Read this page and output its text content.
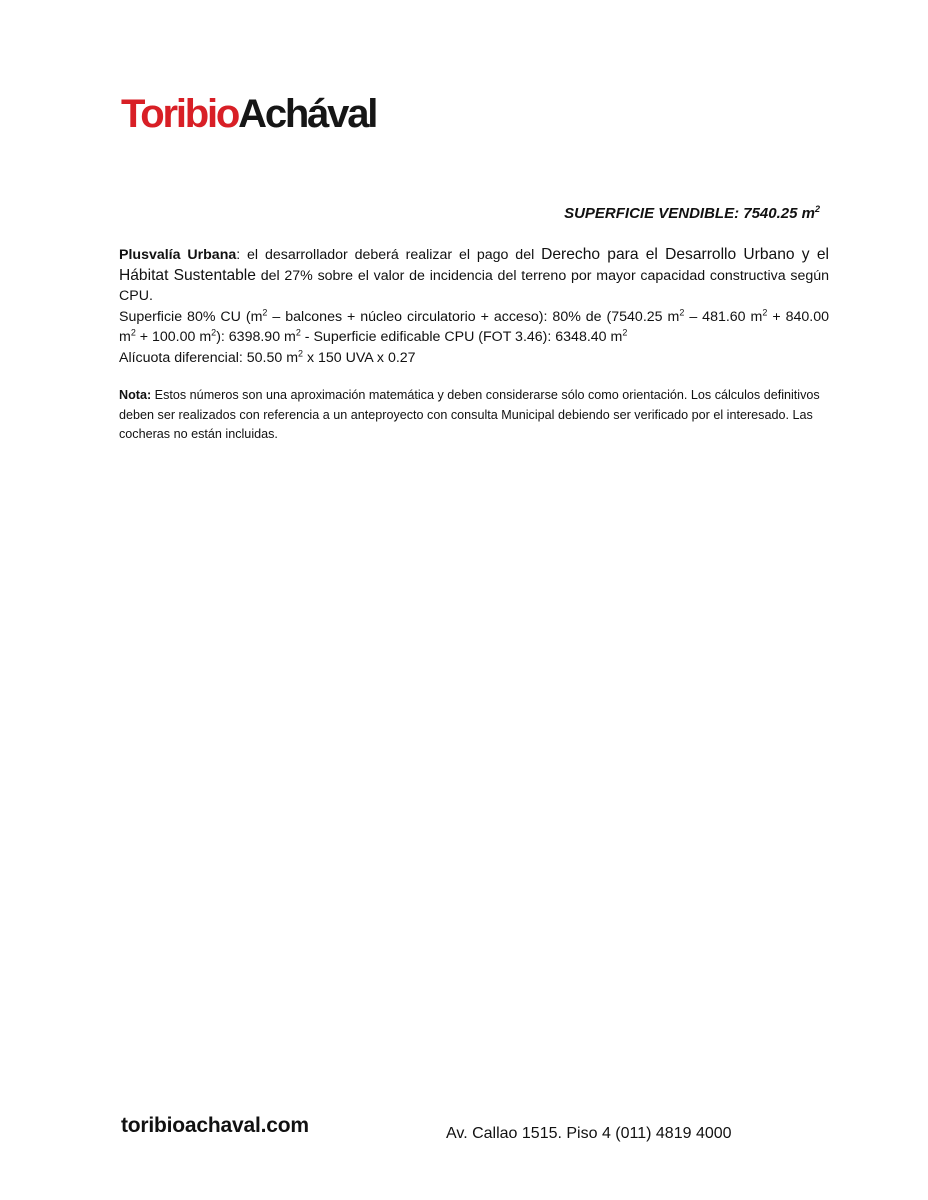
ToribioAchával
SUPERFICIE VENDIBLE: 7540.25 $m^2$

Plusvalía Urbana: el desarrollador deberá realizar el pago del Derecho para el Desarrollo Urbano y el Hábitat Sustentable del 27% sobre el valor de incidencia del terreno por mayor capacidad constructiva según CPU.

Superficie 80% CU ($m^2$ – balcones + núcleo circulatorio + acceso): 80% de (7540.25 $m^2 - 481.60$ $m^2 + 840.00$ $m^2 + 100.00$ $m^2$): 6398.90 $m^2$ - Superficie edificable CPU (FOT 3.46): 6348.40 $m^2$

Alícuota diferencial: 50.50 $m^2$ x 150 UVA x 0.27

Nota: Estos números son una aproximación matemática y deben considerarse sólo como orientación. Los cálculos definitivos deben ser realizados con referencia a un anteproyecto con consulta Municipal debiendo ser verificado por el interesado. Las cocheras no están incluidas.

toribioachaval.com	Av. Callao 1515. Piso 4 (011) 4819 4000
